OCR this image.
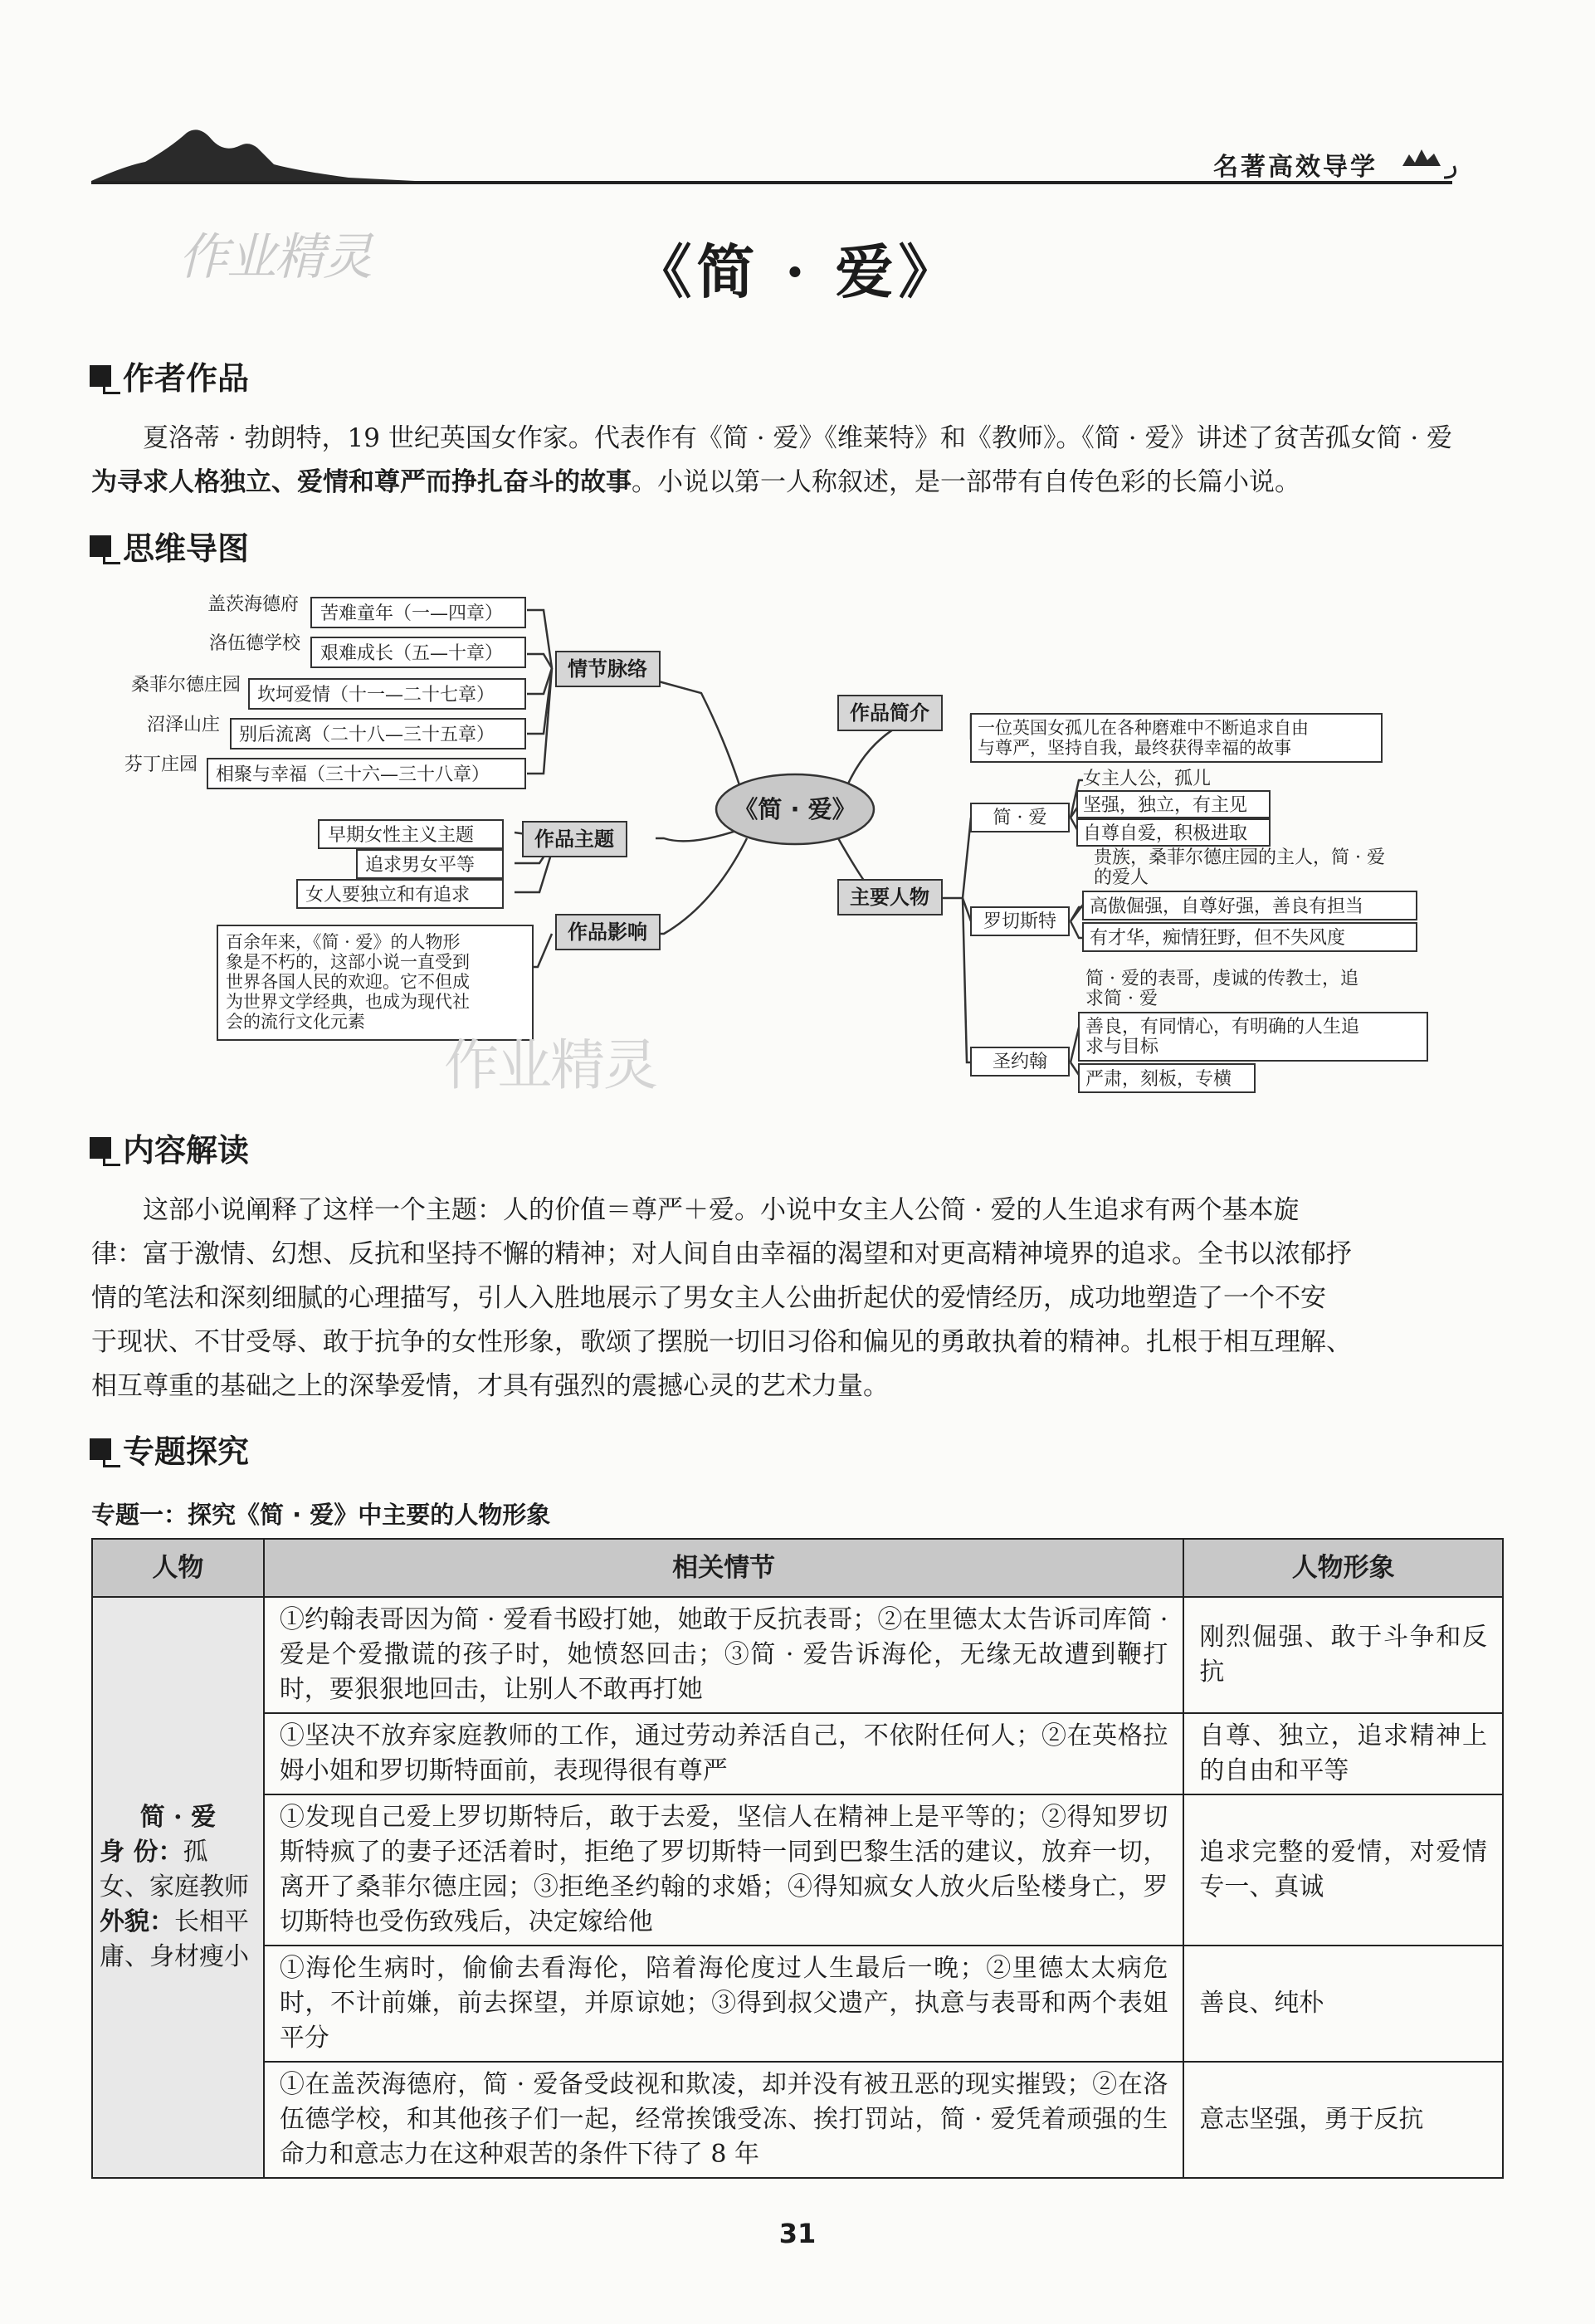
名著高效导学
作业精灵	《简 · 爱》
作者作品
夏洛蒂 · 勃朗特，19 世纪英国女作家。代表作有《简 · 爱》《维莱特》和《教师》。《简 · 爱》讲述了贫苦孤女简 · 爱
为寻求人格独立、爱情和尊严而挣扎奋斗的故事。小说以第一人称叙述，是一部带有自传色彩的长篇小说。
思维导图
《简 · 爱》
情节脉络
作品主题
作品影响
作品简介
主要人物
盖茨海德府 苦难童年（一—四章）
洛伍德学校 艰难成长（五—十章）
桑菲尔德庄园 坎坷爱情（十一—二十七章）
沼泽山庄 别后流离（二十八—三十五章）
芬丁庄园 相聚与幸福（三十六—三十八章）
早期女性主义主题
追求男女平等
女人要独立和有追求
百余年来，《简 · 爱》的人物形
象是不朽的，这部小说一直受到
世界各国人民的欢迎。它不但成
为世界文学经典，也成为现代社
会的流行文化元素
一位英国女孤儿在各种磨难中不断追求自由
与尊严，坚持自我，最终获得幸福的故事
简 · 爱
女主人公，孤儿
坚强，独立，有主见
自尊自爱，积极进取
罗切斯特
贵族，桑菲尔德庄园的主人，简 · 爱
的爱人
高傲倔强，自尊好强，善良有担当
有才华，痴情狂野，但不失风度
圣约翰
简 · 爱的表哥，虔诚的传教士，追
求简 · 爱
善良，有同情心，有明确的人生追
求与目标
严肃，刻板，专横
作业精灵
内容解读
这部小说阐释了这样一个主题：人的价值＝尊严＋爱。小说中女主人公简 · 爱的人生追求有两个基本旋
律：富于激情、幻想、反抗和坚持不懈的精神；对人间自由幸福的渴望和对更高精神境界的追求。全书以浓郁抒
情的笔法和深刻细腻的心理描写，引人入胜地展示了男女主人公曲折起伏的爱情经历，成功地塑造了一个不安
于现状、不甘受辱、敢于抗争的女性形象，歌颂了摆脱一切旧习俗和偏见的勇敢执着的精神。扎根于相互理解、
相互尊重的基础之上的深挚爱情，才具有强烈的震撼心灵的艺术力量。
专题探究
专题一：探究《简 · 爱》中主要的人物形象
人物	相关情节	人物形象

简 · 爱
身 份：孤 女、家庭教师
外貌：长相平庸、身材瘦小	①约翰表哥因为简 · 爱看书殴打她，她敢于反抗表哥；②在里德太太告诉司库简 · 爱是个爱撒谎的孩子时，她愤怒回击；③简 · 爱告诉海伦，无缘无故遭到鞭打时，要狠狠地回击，让别人不敢再打她	刚烈倔强、敢于斗争和反抗
	①坚决不放弃家庭教师的工作，通过劳动养活自己，不依附任何人；②在英格拉姆小姐和罗切斯特面前，表现得很有尊严	自尊、独立，追求精神上的自由和平等
	①发现自己爱上罗切斯特后，敢于去爱，坚信人在精神上是平等的；②得知罗切斯特疯了的妻子还活着时，拒绝了罗切斯特一同到巴黎生活的建议，放弃一切，离开了桑菲尔德庄园；③拒绝圣约翰的求婚；④得知疯女人放火后坠楼身亡，罗切斯特也受伤致残后，决定嫁给他	追求完整的爱情，对爱情专一、真诚
	①海伦生病时，偷偷去看海伦，陪着海伦度过人生最后一晚；②里德太太病危时，不计前嫌，前去探望，并原谅她；③得到叔父遗产，执意与表哥和两个表姐平分	善良、纯朴
	①在盖茨海德府，简 · 爱备受歧视和欺凌，却并没有被丑恶的现实摧毁；②在洛伍德学校，和其他孩子们一起，经常挨饿受冻、挨打罚站，简 · 爱凭着顽强的生命力和意志力在这种艰苦的条件下待了 8 年	意志坚强，勇于反抗
31
